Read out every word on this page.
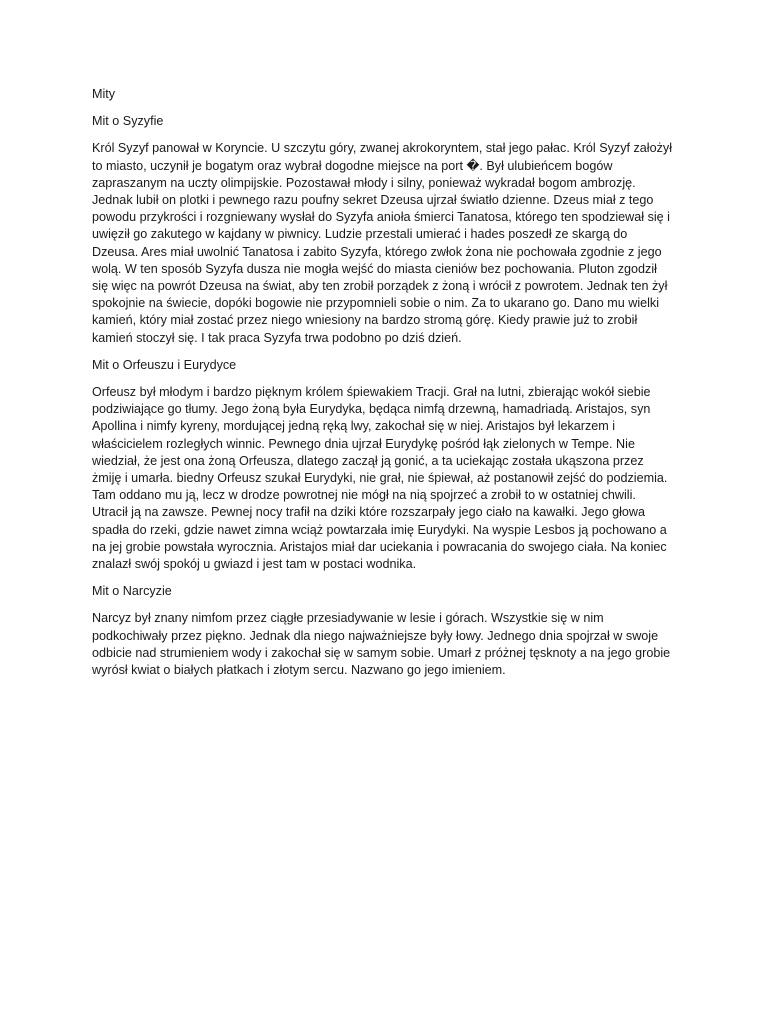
Mity

Mit o Syzyfie

Król Syzyf panował w Koryncie. U szczytu góry, zwanej akrokoryntem, stał jego pałac. Król Syzyf założył to miasto, uczynił je bogatym oraz wybrał dogodne miejsce na port �. Był ulubieńcem bogów zapraszanym na uczty olimpijskie. Pozostawał młody i silny, ponieważ wykradał bogom ambrozję. Jednak lubił on plotki i pewnego razu poufny sekret Dzeusa ujrzał światło dzienne. Dzeus miał z tego powodu przykrości i rozgniewany wysłał do Syzyfa anioła śmierci Tanatosa, którego ten spodziewał się i uwięził go zakutego w kajdany w piwnicy. Ludzie przestali umierać i hades poszedł ze skargą do Dzeusa. Ares miał uwolnić Tanatosa i zabito Syzyfa, którego zwłok żona nie pochowała zgodnie z jego wolą. W ten sposób Syzyfa dusza nie mogła wejść do miasta cieniów bez pochowania. Pluton zgodził się więc na powrót Dzeusa na świat, aby ten zrobił porządek z żoną i wrócił z powrotem. Jednak ten żył spokojnie na świecie, dopóki bogowie nie przypomnieli sobie o nim. Za to ukarano go. Dano mu wielki kamień, który miał zostać przez niego wniesiony na bardzo stromą górę. Kiedy prawie już to zrobił kamień stoczył się. I tak praca Syzyfa trwa podobno po dziś dzień.

Mit o Orfeuszu i Eurydyce

Orfeusz był młodym i bardzo pięknym królem śpiewakiem Tracji. Grał na lutni, zbierając wokół siebie podziwiające go tłumy. Jego żoną była Eurydyka, będąca nimfą drzewną, hamadriadą. Aristajos, syn Apollina i nimfy kyreny, mordującej jedną ręką lwy, zakochał się w niej. Aristajos był lekarzem i właścicielem rozległych winnic. Pewnego dnia ujrzał Eurydykę pośród łąk zielonych w Tempe. Nie wiedział, że jest ona żoną Orfeusza, dlatego zaczął ją gonić, a ta uciekając została ukąszona przez żmiję i umarła. biedny Orfeusz szukał Eurydyki, nie grał, nie śpiewał, aż postanowił zejść do podziemia. Tam oddano mu ją, lecz w drodze powrotnej nie mógł na nią spojrzeć a zrobił to w ostatniej chwili. Utracił ją na zawsze. Pewnej nocy trafił na dziki które rozszarpały jego ciało na kawałki. Jego głowa spadła do rzeki, gdzie nawet zimna wciąż powtarzała imię Eurydyki. Na wyspie Lesbos ją pochowano a na jej grobie powstała wyrocznia. Aristajos miał dar uciekania i powracania do swojego ciała. Na koniec znalazł swój spokój u gwiazd i jest tam w postaci wodnika.

Mit o Narcyzie

Narcyz był znany nimfom przez ciągłe przesiadywanie w lesie i górach. Wszystkie się w nim podkochiwały przez piękno. Jednak dla niego najważniejsze były łowy. Jednego dnia spojrzał w swoje odbicie nad strumieniem wody i zakochał się w samym sobie. Umarł z próżnej tęsknoty a na jego grobie wyrósł kwiat o białych płatkach i złotym sercu. Nazwano go jego imieniem.
